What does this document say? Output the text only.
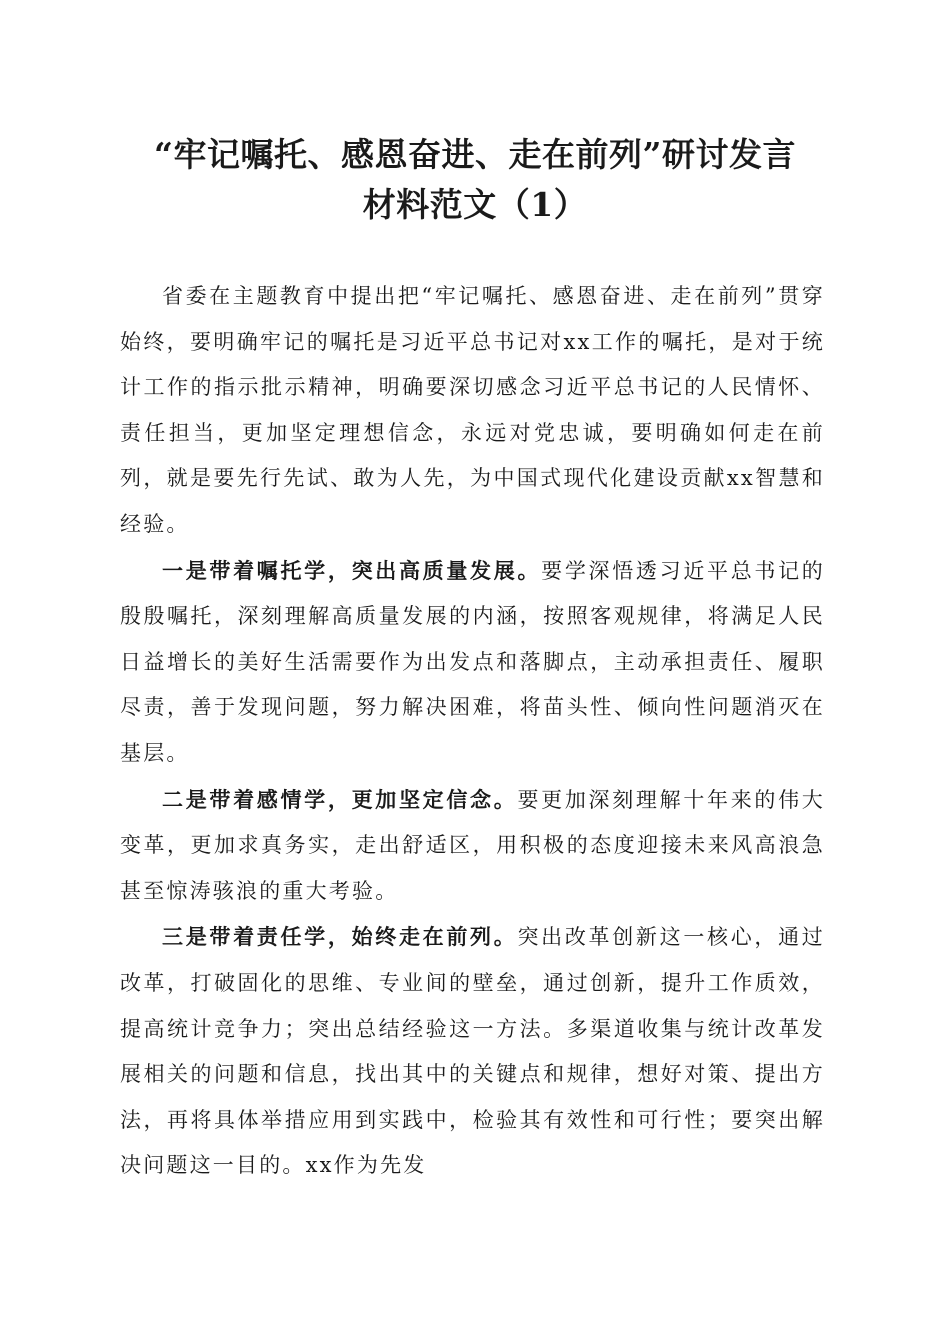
“牢记嘱托、感恩奋进、走在前列”研讨发言
材料范文（1）

省委在主题教育中提出把“牢记嘱托、感恩奋进、走在前列”贯穿始终，要明确牢记的嘱托是习近平总书记对xx工作的嘱托，是对于统计工作的指示批示精神，明确要深切感念习近平总书记的人民情怀、责任担当，更加坚定理想信念，永远对党忠诚，要明确如何走在前列，就是要先行先试、敢为人先，为中国式现代化建设贡献xx智慧和经验。

一是带着嘱托学，突出高质量发展。要学深悟透习近平总书记的殷殷嘱托，深刻理解高质量发展的内涵，按照客观规律，将满足人民日益增长的美好生活需要作为出发点和落脚点，主动承担责任、履职尽责，善于发现问题，努力解决困难，将苗头性、倾向性问题消灭在基层。

二是带着感情学，更加坚定信念。要更加深刻理解十年来的伟大变革，更加求真务实，走出舒适区，用积极的态度迎接未来风高浪急甚至惊涛骇浪的重大考验。

三是带着责任学，始终走在前列。突出改革创新这一核心，通过改革，打破固化的思维、专业间的壁垒，通过创新，提升工作质效，提高统计竞争力；突出总结经验这一方法。多渠道收集与统计改革发展相关的问题和信息，找出其中的关键点和规律，想好对策、提出方法，再将具体举措应用到实践中，检验其有效性和可行性；要突出解决问题这一目的。xx作为先发
